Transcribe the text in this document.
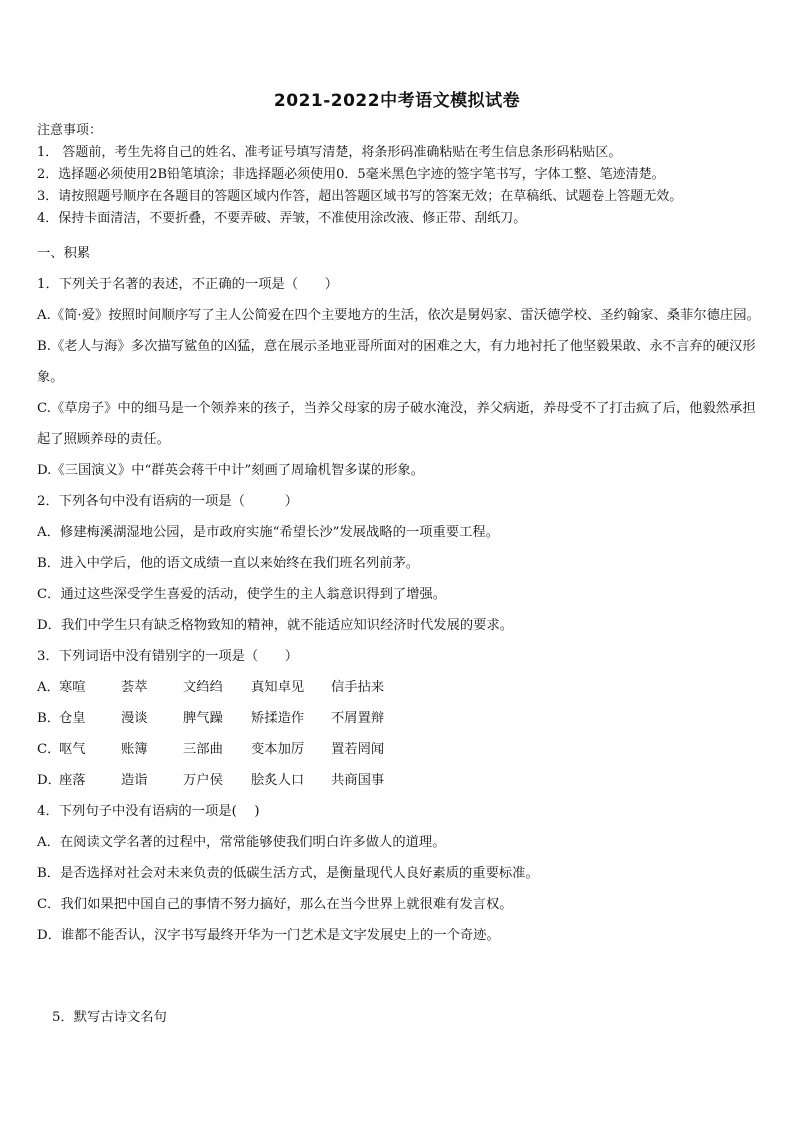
2021-2022中考语文模拟试卷
注意事项：
1． 答题前，考生先将自己的姓名、准考证号填写清楚，将条形码准确粘贴在考生信息条形码粘贴区。
2．选择题必须使用2B铅笔填涂；非选择题必须使用0．5毫米黑色字迹的签字笔书写，字体工整、笔迹清楚。
3．请按照题号顺序在各题目的答题区域内作答，超出答题区域书写的答案无效；在草稿纸、试题卷上答题无效。
4．保持卡面清洁，不要折叠，不要弄破、弄皱，不准使用涂改液、修正带、刮纸刀。
一、积累
1．下列关于名著的表述，不正确的一项是（　　）
A.《简·爱》按照时间顺序写了主人公简爱在四个主要地方的生活，依次是舅妈家、雷沃德学校、圣约翰家、桑菲尔德庄园。
B.《老人与海》多次描写鲨鱼的凶猛，意在展示圣地亚哥所面对的困难之大，有力地衬托了他坚毅果敢、永不言弃的硬汉形象。
C.《草房子》中的细马是一个领养来的孩子，当养父母家的房子破水淹没，养父病逝，养母受不了打击疯了后，他毅然承担起了照顾养母的责任。
D.《三国演义》中“群英会蒋干中计”刻画了周瑜机智多谋的形象。
2．下列各句中没有语病的一项是（　　　）
A．修建梅溪湖湿地公园，是市政府实施“希望长沙”发展战略的一项重要工程。
B．进入中学后，他的语文成绩一直以来始终在我们班名列前茅。
C．通过这些深受学生喜爱的活动，使学生的主人翁意识得到了增强。
D．我们中学生只有缺乏格物致知的精神，就不能适应知识经济时代发展的要求。
3．下列词语中没有错别字的一项是（　　）
A．寒喧	荟萃	文绉绉 真知卓见 信手拈来
B．仓皇	漫谈	脾气躁 矫揉造作 不屑置辩
C．呕气	账簿	三部曲 变本加厉 置若罔闻
D．座落	造诣	万户侯 脍炙人口 共商国事
4．下列句子中没有语病的一项是(　 )
A．在阅读文学名著的过程中，常常能够使我们明白许多做人的道理。
B．是否选择对社会对未来负责的低碳生活方式，是衡量现代人良好素质的重要标准。
C．我们如果把中国自己的事情不努力搞好，那么在当今世界上就很难有发言权。
D．谁都不能否认，汉字书写最终开华为一门艺术是文字发展史上的一个奇迹。
5．默写古诗文名句
